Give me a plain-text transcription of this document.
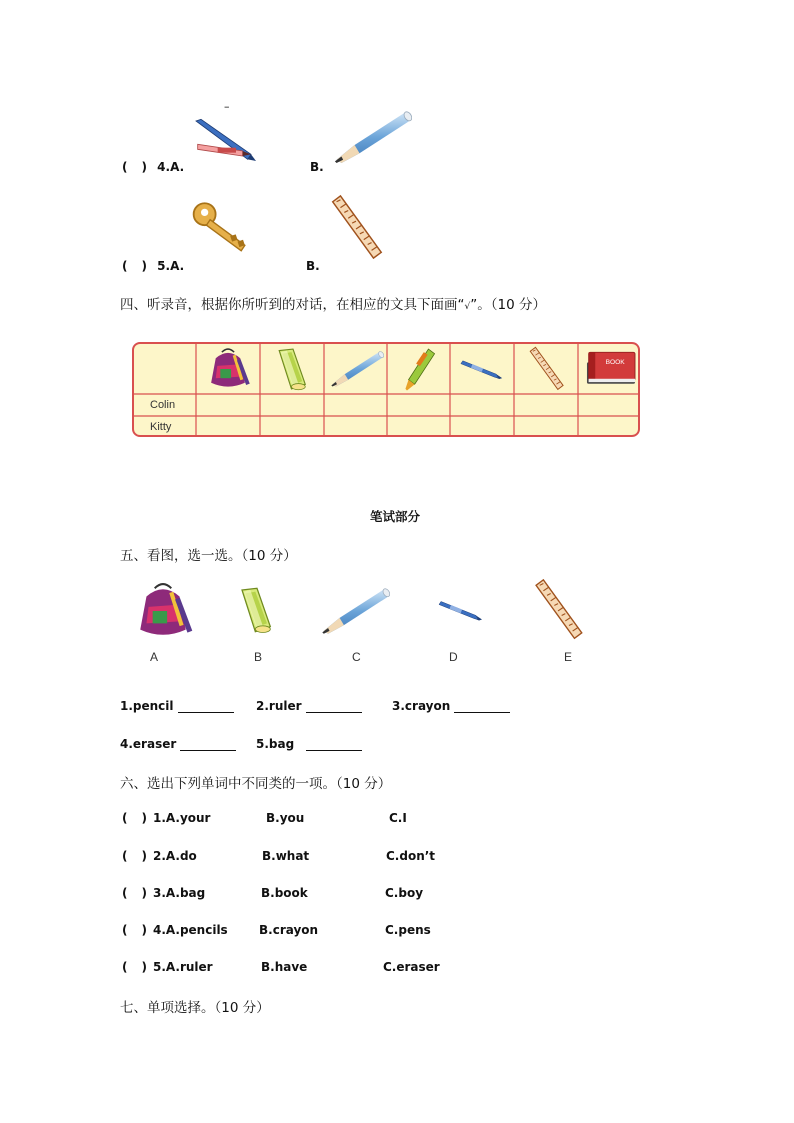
–
( ) 4.A.	B.
( ) 5.A.	B.
四、听录音，根据你所听到的对话，在相应的文具下面画“√”。（10 分）
Colin
Kitty
笔试部分
五、看图，选一选。（10 分）
A	B	C	D	E
1.pencil	2.ruler	3.crayon
4.eraser	5.bag
六、选出下列单词中不同类的一项。（10 分）
( ) 1.A.your	B.you	C.I
( ) 2.A.do	B.what	C.don’t
( ) 3.A.bag	B.book	C.boy
( ) 4.A.pencils	B.crayon	C.pens
( ) 5.A.ruler	B.have	C.eraser
七、单项选择。（10 分）
